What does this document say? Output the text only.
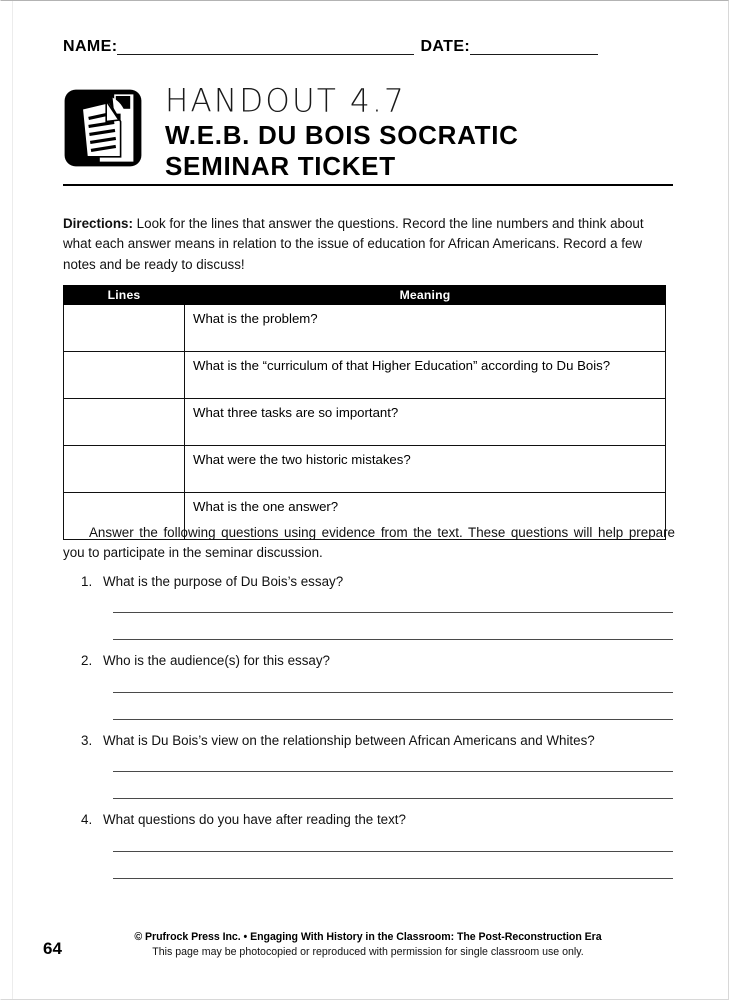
NAME:	DATE:
HANDOUT 4.7
W.E.B. DU BOIS SOCRATIC
SEMINAR TICKET
Directions: Look for the lines that answer the questions. Record the line numbers and think about what each answer means in relation to the issue of education for African Americans. Record a few notes and be ready to discuss!
Lines	Meaning
	What is the problem?
	What is the “curriculum of that Higher Education” according to Du Bois?
	What three tasks are so important?
	What were the two historic mistakes?
	What is the one answer?
Answer the following questions using evidence from the text. These questions will help prepare you to participate in the seminar discussion.
1. What is the purpose of Du Bois’s essay?
2. Who is the audience(s) for this essay?
3. What is Du Bois’s view on the relationship between African Americans and Whites?
4. What questions do you have after reading the text?
64
© Prufrock Press Inc. • Engaging With History in the Classroom: The Post-Reconstruction Era
This page may be photocopied or reproduced with permission for single classroom use only.
